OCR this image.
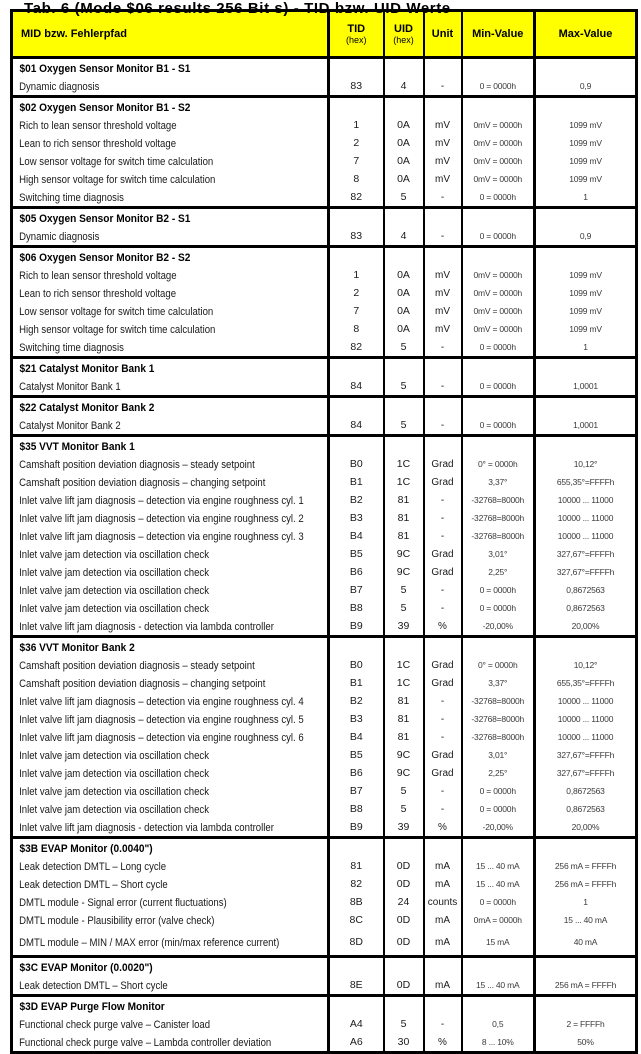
Tab. 6 (Mode $06 results 256 Bit s) - TID bzw. UID Werte
MID bzw. Fehlerpfad	TID
(hex)

UID
(hex)	Unit	Min-Value	Max-Value

$01 Oxygen Sensor Monitor B1 - S1					
Dynamic diagnosis	83	4	-	0 = 0000h	0,9
$02 Oxygen Sensor Monitor B1 - S2					
Rich to lean sensor threshold voltage	1	0A	mV	0mV = 0000h	1099 mV
Lean to rich sensor threshold voltage	2	0A	mV	0mV = 0000h	1099 mV
Low sensor voltage for switch time calculation	7	0A	mV	0mV = 0000h	1099 mV
High sensor voltage for switch time calculation	8	0A	mV	0mV = 0000h	1099 mV
Switching time diagnosis	82	5	-	0 = 0000h	1
$05 Oxygen Sensor Monitor B2 - S1					
Dynamic diagnosis	83	4	-	0 = 0000h	0,9
$06 Oxygen Sensor Monitor B2 - S2					
Rich to lean sensor threshold voltage	1	0A	mV	0mV = 0000h	1099 mV
Lean to rich sensor threshold voltage	2	0A	mV	0mV = 0000h	1099 mV
Low sensor voltage for switch time calculation	7	0A	mV	0mV = 0000h	1099 mV
High sensor voltage for switch time calculation	8	0A	mV	0mV = 0000h	1099 mV
Switching time diagnosis	82	5	-	0 = 0000h	1
$21 Catalyst Monitor Bank 1					
Catalyst Monitor Bank 1	84	5	-	0 = 0000h	1,0001
$22 Catalyst Monitor Bank 2					
Catalyst Monitor Bank 2	84	5	-	0 = 0000h	1,0001
$35 VVT Monitor Bank 1					
Camshaft position deviation diagnosis – steady setpoint	B0	1C	Grad	0° = 0000h	10,12°
Camshaft position deviation diagnosis – changing setpoint	B1	1C	Grad	3,37°	655,35°=FFFFh
Inlet valve lift jam diagnosis – detection via engine roughness cyl. 1	B2	81	-	-32768=8000h	10000 ... 11000
Inlet valve lift jam diagnosis – detection via engine roughness cyl. 2	B3	81	-	-32768=8000h	10000 ... 11000
Inlet valve lift jam diagnosis – detection via engine roughness cyl. 3	B4	81	-	-32768=8000h	10000 ... 11000
Inlet valve jam detection via oscillation check	B5	9C	Grad	3,01°	327,67°=FFFFh
Inlet valve jam detection via oscillation check	B6	9C	Grad	2,25°	327,67°=FFFFh
Inlet valve jam detection via oscillation check	B7	5	-	0 = 0000h	0,8672563
Inlet valve jam detection via oscillation check	B8	5	-	0 = 0000h	0,8672563
Inlet valve lift jam diagnosis - detection via lambda controller	B9	39	%	-20,00%	20,00%
$36 VVT Monitor Bank 2					
Camshaft position deviation diagnosis – steady setpoint	B0	1C	Grad	0° = 0000h	10,12°
Camshaft position deviation diagnosis – changing setpoint	B1	1C	Grad	3,37°	655,35°=FFFFh
Inlet valve lift jam diagnosis – detection via engine roughness cyl. 4	B2	81	-	-32768=8000h	10000 ... 11000
Inlet valve lift jam diagnosis – detection via engine roughness cyl. 5	B3	81	-	-32768=8000h	10000 ... 11000
Inlet valve lift jam diagnosis – detection via engine roughness cyl. 6	B4	81	-	-32768=8000h	10000 ... 11000
Inlet valve jam detection via oscillation check	B5	9C	Grad	3,01°	327,67°=FFFFh
Inlet valve jam detection via oscillation check	B6	9C	Grad	2,25°	327,67°=FFFFh
Inlet valve jam detection via oscillation check	B7	5	-	0 = 0000h	0,8672563
Inlet valve jam detection via oscillation check	B8	5	-	0 = 0000h	0,8672563
Inlet valve lift jam diagnosis - detection via lambda controller	B9	39	%	-20,00%	20,00%
$3B EVAP Monitor (0.0040")					
Leak detection DMTL – Long cycle	81	0D	mA	15 ... 40 mA	256 mA = FFFFh
Leak detection DMTL – Short cycle	82	0D	mA	15 ... 40 mA	256 mA = FFFFh
DMTL module - Signal error (current fluctuations)	8B	24	counts	0 = 0000h	1
DMTL module - Plausibility error (valve check)	8C	0D	mA	0mA = 0000h	15 ... 40 mA
DMTL module – MIN / MAX error (min/max reference current)	8D	0D	mA	15 mA	40 mA
$3C EVAP Monitor (0.0020")					
Leak detection DMTL – Short cycle	8E	0D	mA	15 ... 40 mA	256 mA = FFFFh
$3D EVAP Purge Flow Monitor					
Functional check purge valve – Canister load	A4	5	-	0,5	2 = FFFFh
Functional check purge valve – Lambda controller deviation	A6	30	%	8 ... 10%	50%
